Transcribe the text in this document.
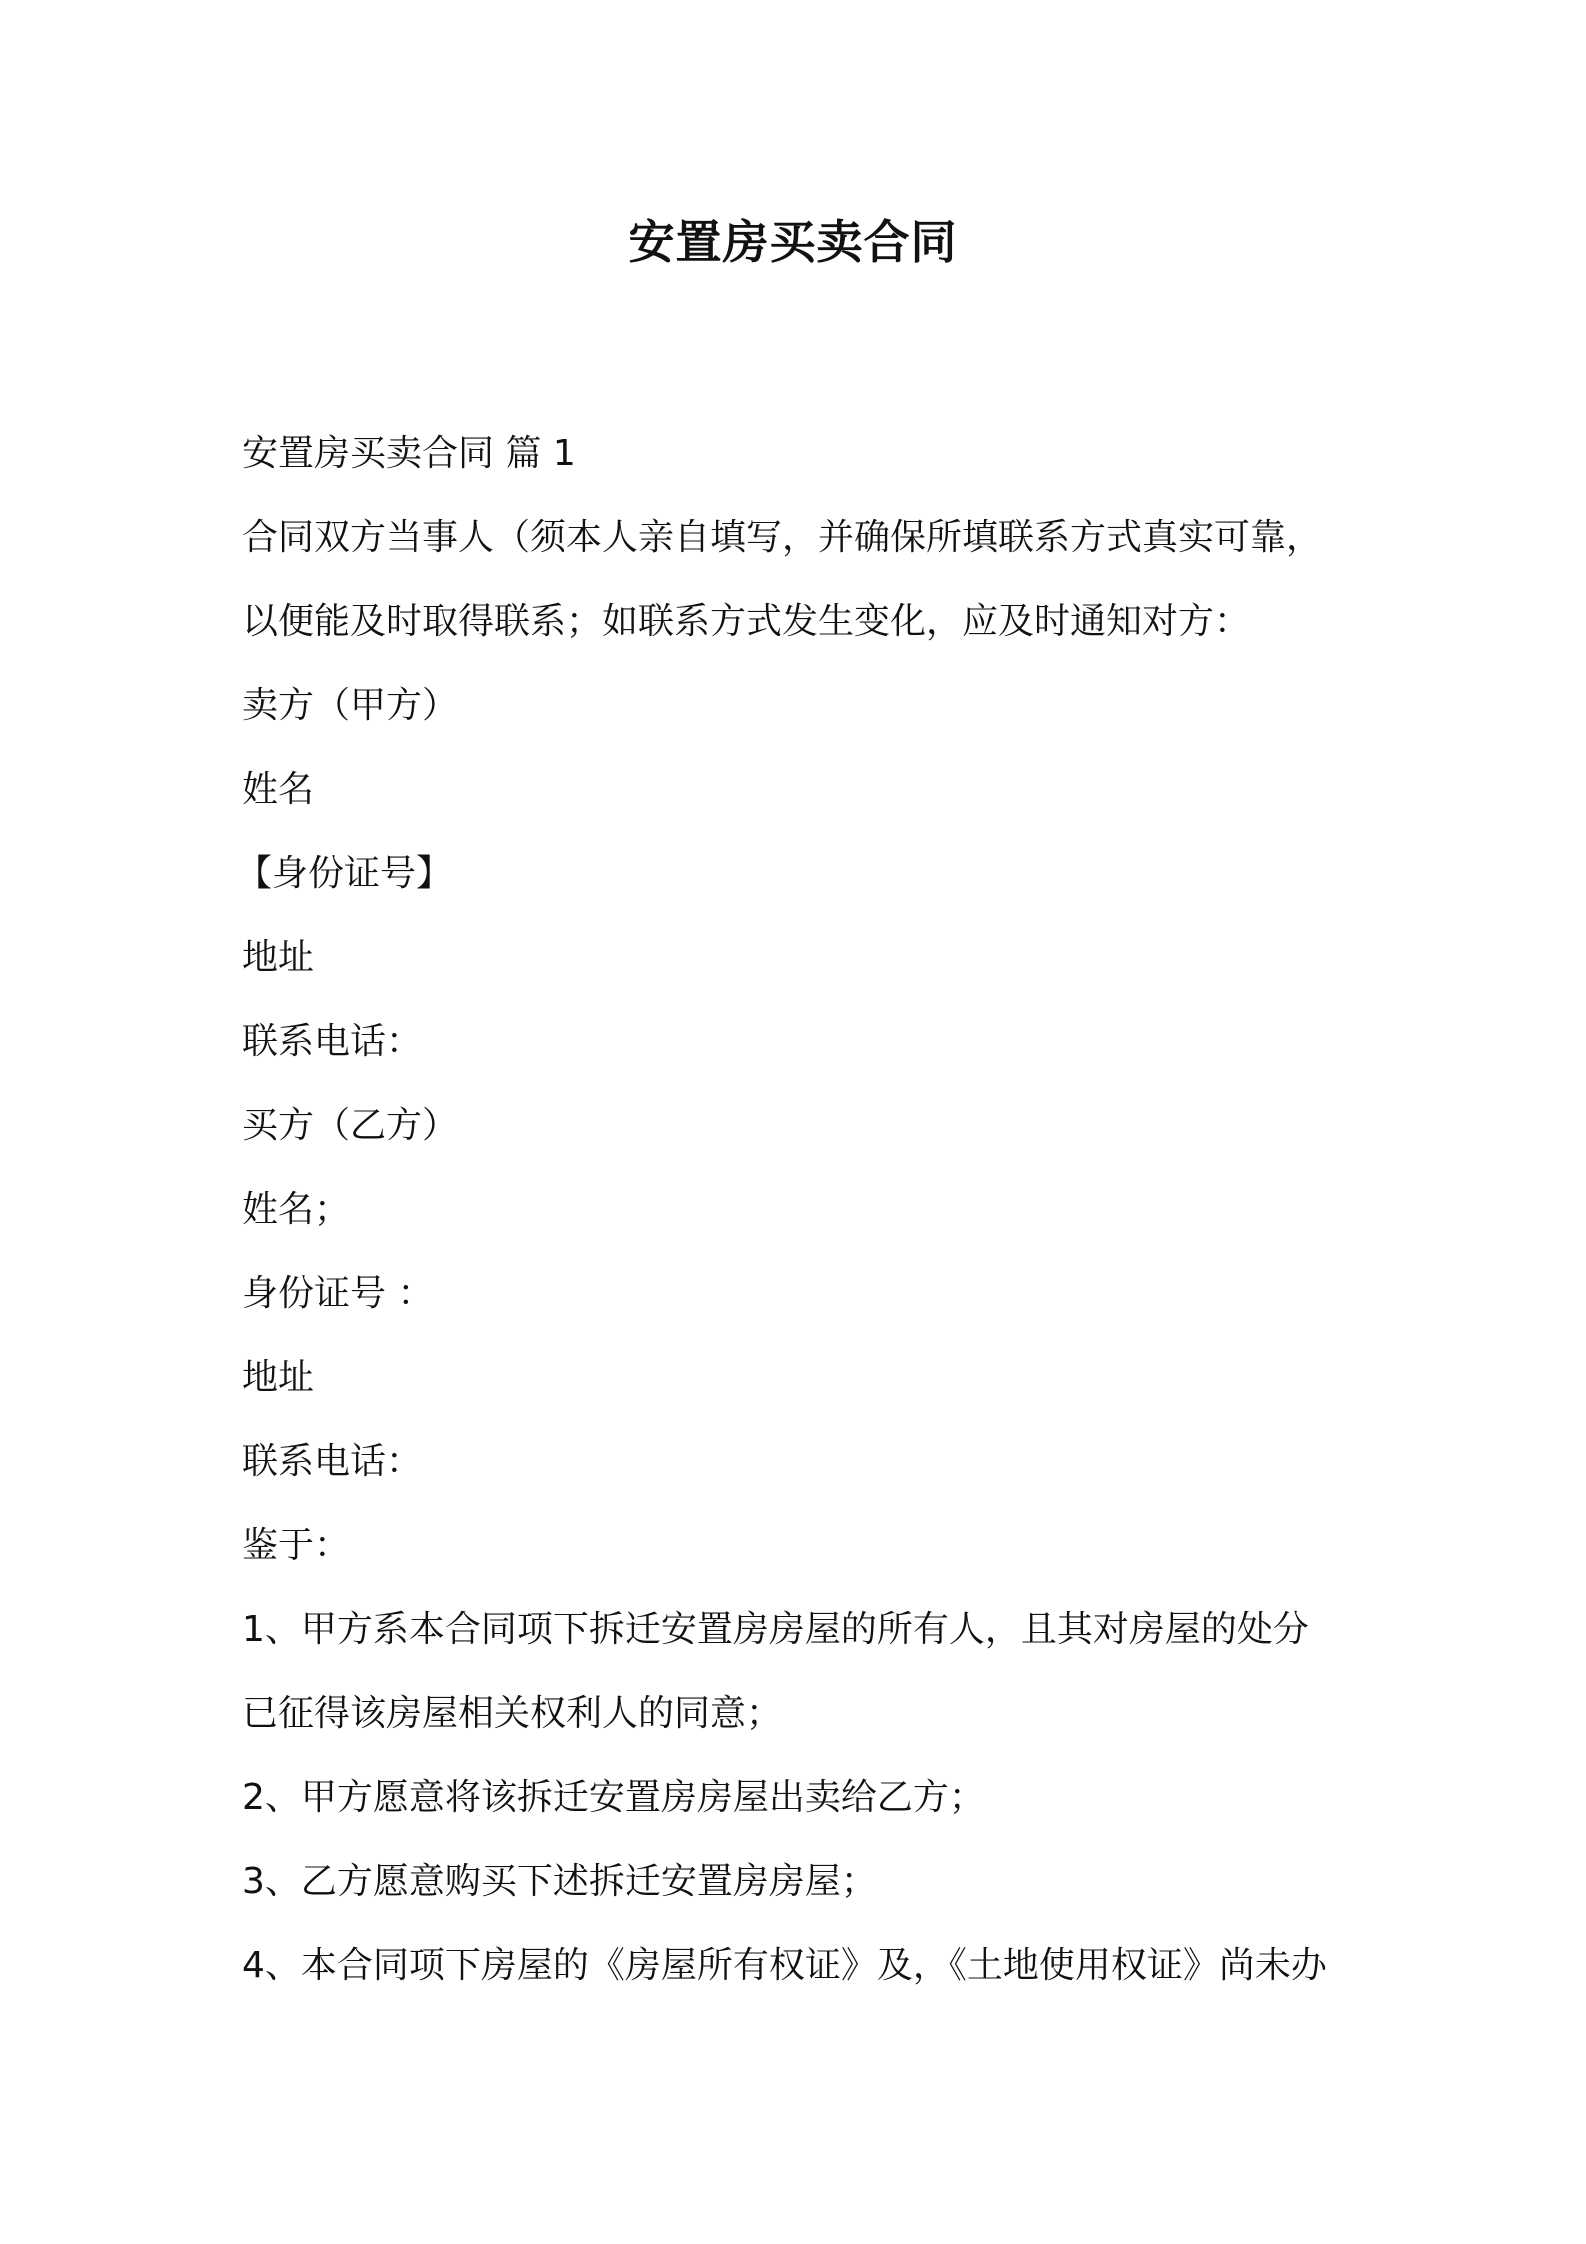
安置房买卖合同
安置房买卖合同 篇 1
合同双方当事人（须本人亲自填写，并确保所填联系方式真实可靠，
以便能及时取得联系；如联系方式发生变化，应及时通知对方：
卖方（甲方）
姓名
【身份证号】
地址
联系电话：
买方（乙方）
姓名；
身份证号 ：
地址
联系电话：
鉴于：
1、甲方系本合同项下拆迁安置房房屋的所有人，且其对房屋的处分
已征得该房屋相关权利人的同意；
2、甲方愿意将该拆迁安置房房屋出卖给乙方；
3、乙方愿意购买下述拆迁安置房房屋；
4、本合同项下房屋的《房屋所有权证》及，《土地使用权证》尚未办
